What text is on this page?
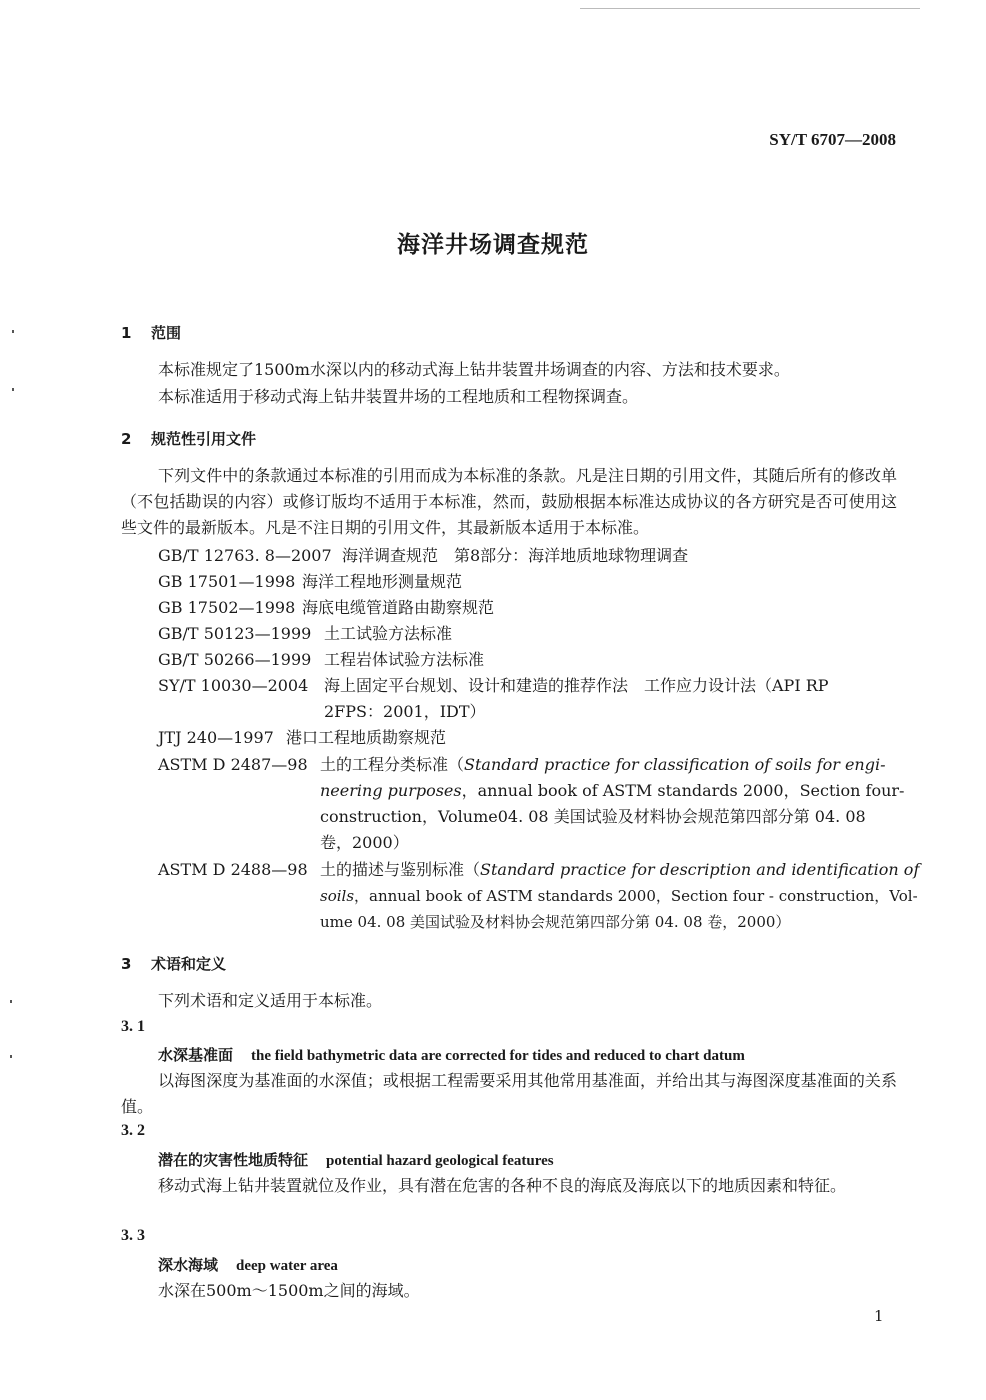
SY/T 6707—2008
海洋井场调查规范
1 范围
本标准规定了1500m水深以内的移动式海上钻井装置井场调查的内容、方法和技术要求。
本标准适用于移动式海上钻井装置井场的工程地质和工程物探调查。
2 规范性引用文件
下列文件中的条款通过本标准的引用而成为本标准的条款。凡是注日期的引用文件，其随后所有的修改单（不包括勘误的内容）或修订版均不适用于本标准，然而，鼓励根据本标准达成协议的各方研究是否可使用这些文件的最新版本。凡是不注日期的引用文件，其最新版本适用于本标准。
GB/T 12763. 8—2007 海洋调查规范　第8部分：海洋地质地球物理调查
GB 17501—1998 海洋工程地形测量规范
GB 17502—1998 海底电缆管道路由勘察规范
GB/T 50123—1999 土工试验方法标准
GB/T 50266—1999 工程岩体试验方法标准
SY/T 10030—2004 海上固定平台规划、设计和建造的推荐作法　工作应力设计法（API RP
2FPS：2001，IDT）
JTJ 240—1997 港口工程地质勘察规范
ASTM D 2487—98 土的工程分类标准（Standard practice for classification of soils for engi-
neering purposes，annual book of ASTM standards 2000，Section four-
construction，Volume04. 08 美国试验及材料协会规范第四部分第 04. 08
卷，2000）
ASTM D 2488—98 土的描述与鉴别标准（Standard practice for description and identification of
soils，annual book of ASTM standards 2000，Section four - construction，Vol-
ume 04. 08 美国试验及材料协会规范第四部分第 04. 08 卷，2000）
3 术语和定义
下列术语和定义适用于本标准。
3. 1
水深基准面 the field bathymetric data are corrected for tides and reduced to chart datum
以海图深度为基准面的水深值；或根据工程需要采用其他常用基准面，并给出其与海图深度基准面的关系值。
3. 2
潜在的灾害性地质特征 potential hazard geological features
移动式海上钻井装置就位及作业，具有潜在危害的各种不良的海底及海底以下的地质因素和特征。
3. 3
深水海域 deep water area
水深在500m～1500m之间的海域。
1
